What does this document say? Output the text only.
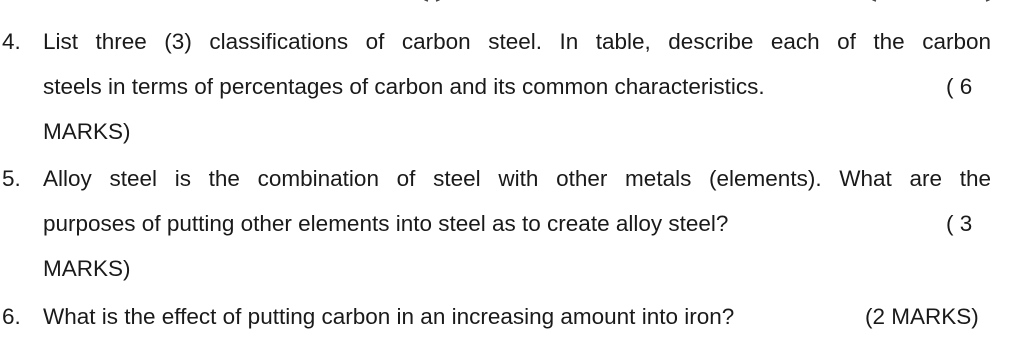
4. List three (3) classifications of carbon steel. In table, describe each of the carbon
steels in terms of percentages of carbon and its common characteristics.	( 6
MARKS)
5. Alloy steel is the combination of steel with other metals (elements). What are the
purposes of putting other elements into steel as to create alloy steel?	( 3
MARKS)
6. What is the effect of putting carbon in an increasing amount into iron?	(2 MARKS)
